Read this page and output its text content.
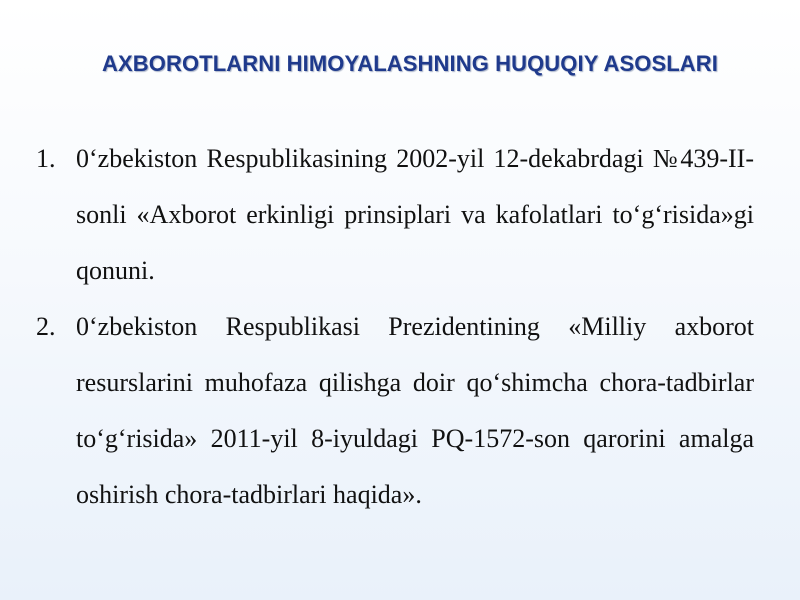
AXBOROTLARNI HIMOYALASHNING HUQUQIY ASOSLARI
1. 0‘zbekiston Respublikasining 2002-yil 12-dekabrdagi №439-II-sonli «Axborot erkinligi prinsiplari va kafolatlari to‘g‘risida»gi qonuni.
2. 0‘zbekiston Respublikasi Prezidentining «Milliy axborot resurslarini muhofaza qilishga doir qo‘shimcha chora-tadbirlar to‘g‘risida» 2011-yil 8-iyuldagi PQ-1572-son qarorini amalga oshirish chora-tadbirlari haqida».
